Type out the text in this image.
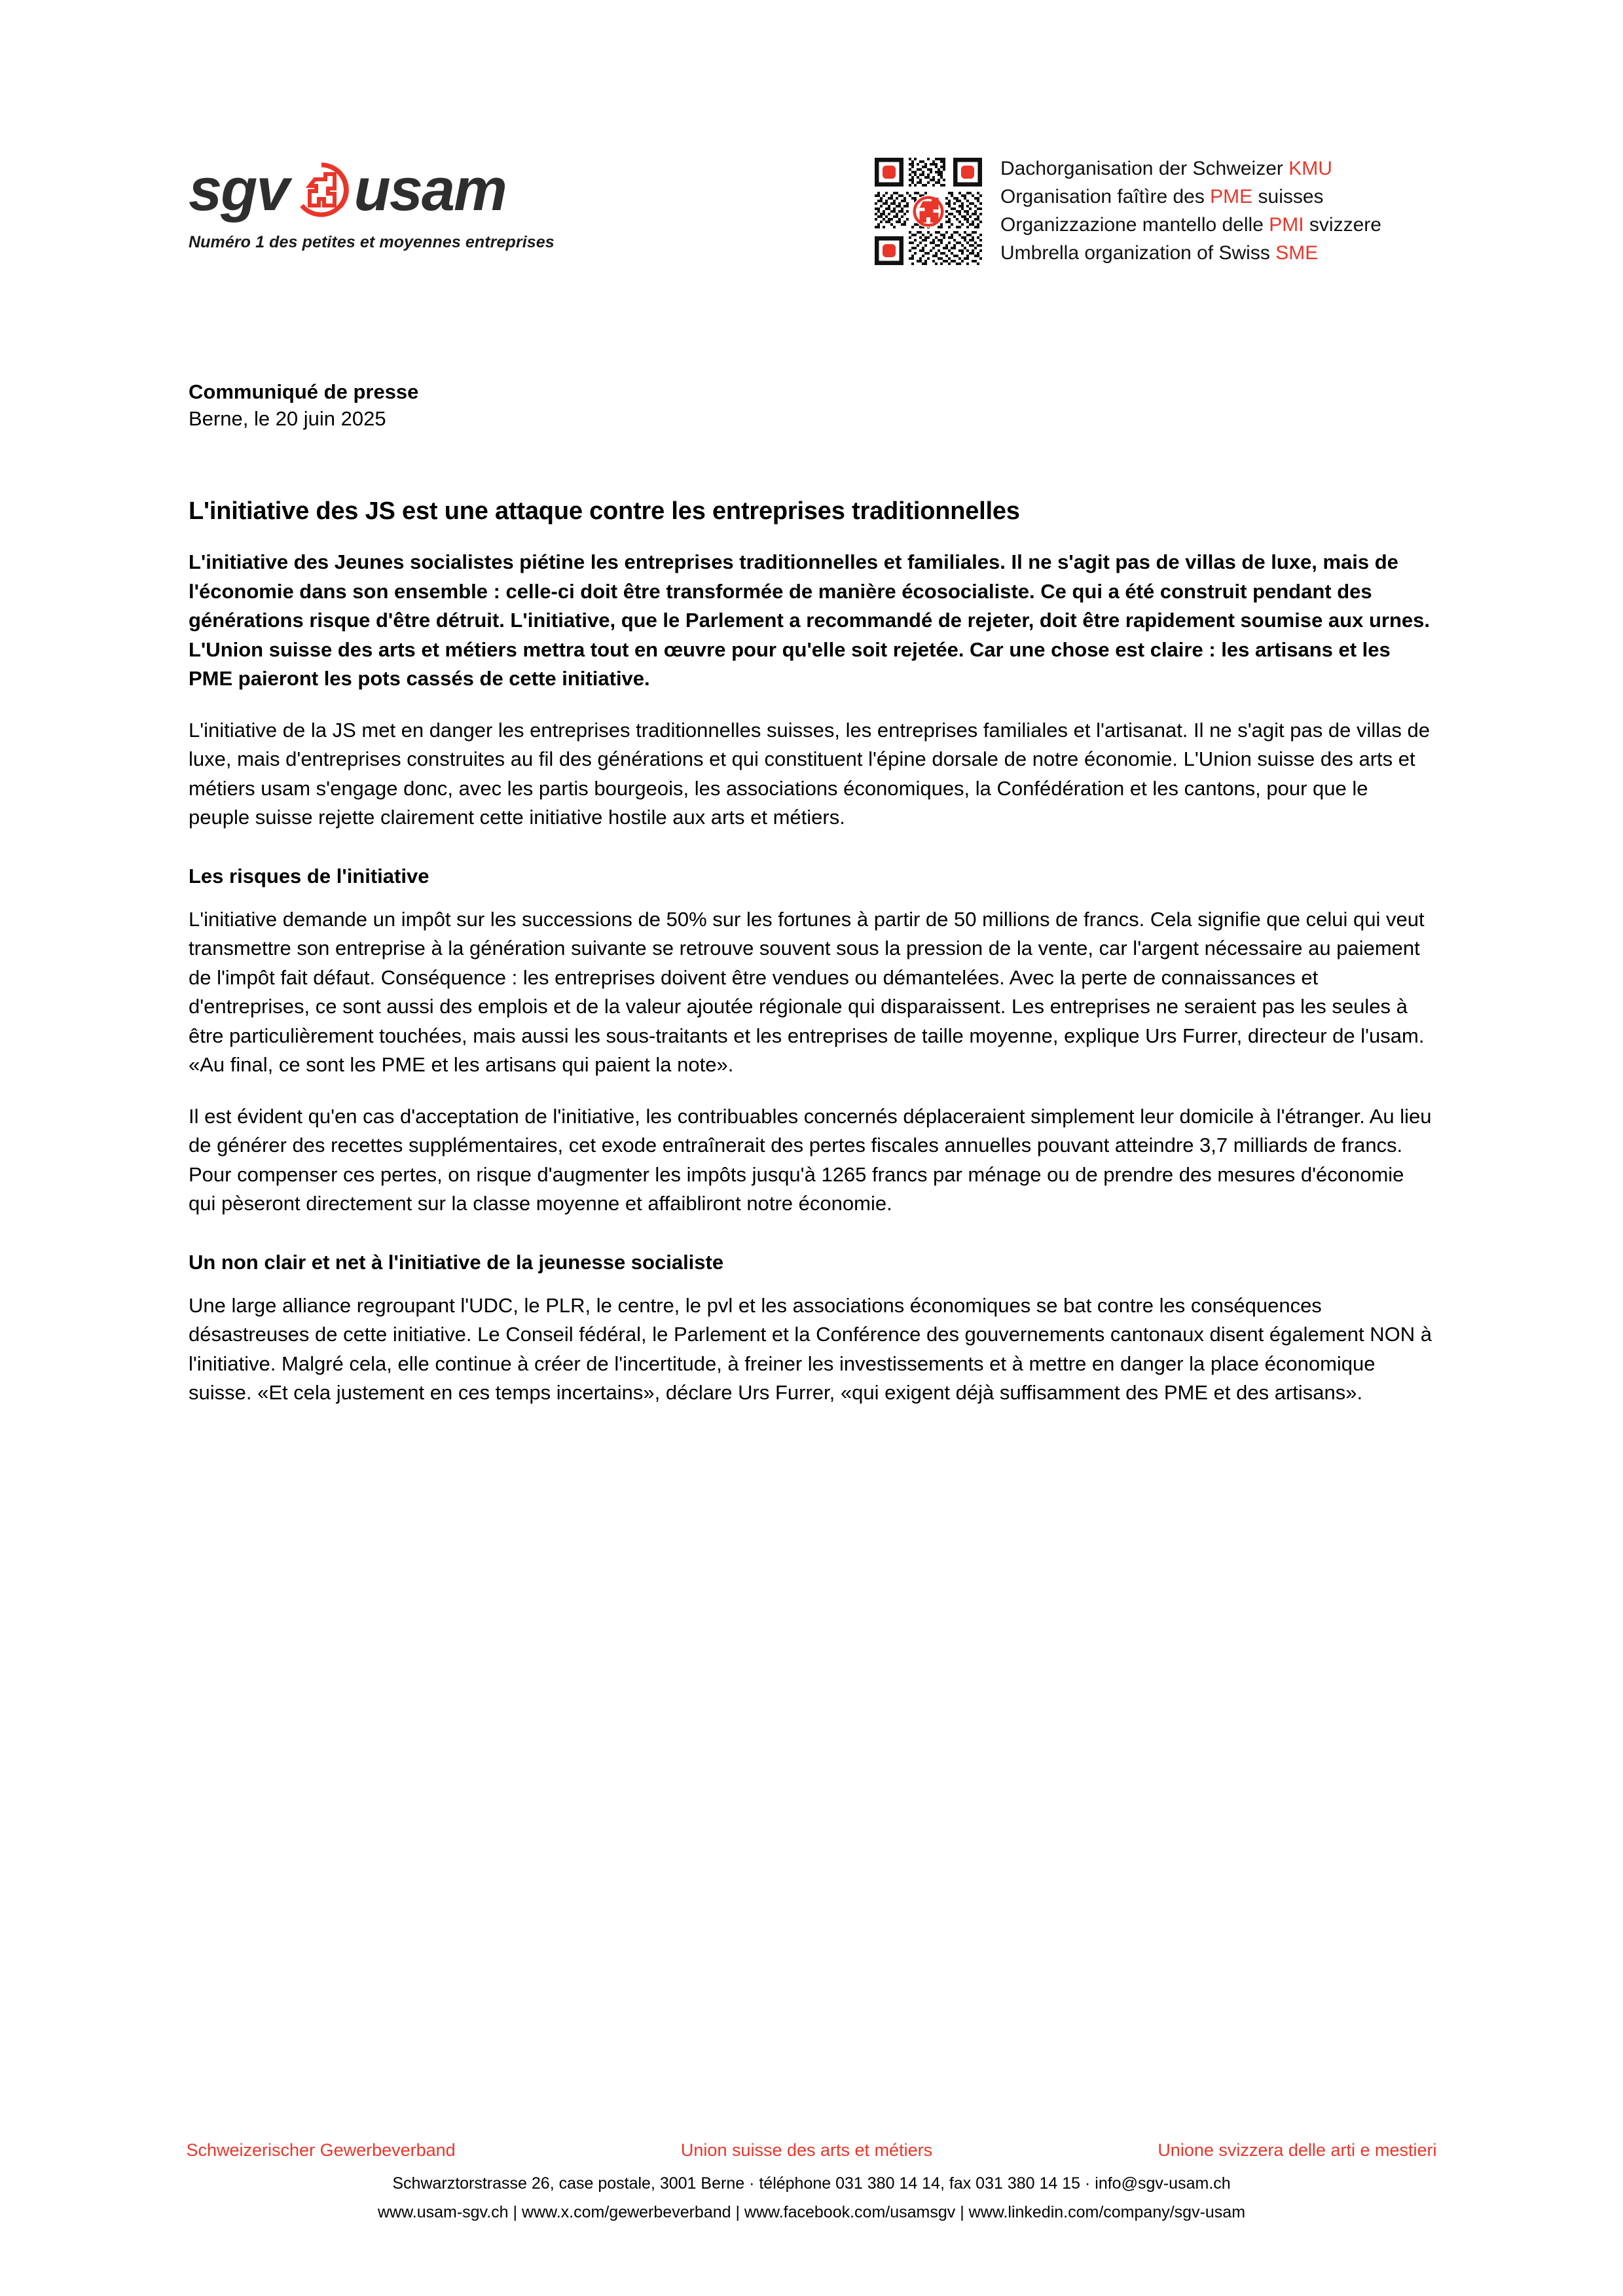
sgv usam
Numéro 1 des petites et moyennes entreprises
Dachorganisation der Schweizer KMU
Organisation faîtìre des PME suisses
Organizzazione mantello delle PMI svizzere
Umbrella organization of Swiss SME

Communiqué de presse

Berne, le 20 juin 2025

L'initiative des JS est une attaque contre les entreprises traditionnelles

L'initiative des Jeunes socialistes piétine les entreprises traditionnelles et familiales. Il ne s'agit pas de villas de luxe, mais de l'économie dans son ensemble : celle-ci doit être transformée de manière écosocialiste. Ce qui a été construit pendant des générations risque d'être détruit. L'initiative, que le Parlement a recommandé de rejeter, doit être rapidement soumise aux urnes. L'Union suisse des arts et métiers mettra tout en œuvre pour qu'elle soit rejetée. Car une chose est claire : les artisans et les PME paieront les pots cassés de cette initiative.

L'initiative de la JS met en danger les entreprises traditionnelles suisses, les entreprises familiales et l'artisanat. Il ne s'agit pas de villas de luxe, mais d'entreprises construites au fil des générations et qui constituent l'épine dorsale de notre économie. L'Union suisse des arts et métiers usam s'engage donc, avec les partis bourgeois, les associations économiques, la Confédération et les cantons, pour que le peuple suisse rejette clairement cette initiative hostile aux arts et métiers.

Les risques de l'initiative

L'initiative demande un impôt sur les successions de 50% sur les fortunes à partir de 50 millions de francs. Cela signifie que celui qui veut transmettre son entreprise à la génération suivante se retrouve souvent sous la pression de la vente, car l'argent nécessaire au paiement de l'impôt fait défaut. Conséquence : les entreprises doivent être vendues ou démantelées. Avec la perte de connaissances et d'entreprises, ce sont aussi des emplois et de la valeur ajoutée régionale qui disparaissent. Les entreprises ne seraient pas les seules à être particulièrement touchées, mais aussi les sous-traitants et les entreprises de taille moyenne, explique Urs Furrer, directeur de l'usam. «Au final, ce sont les PME et les artisans qui paient la note».

Il est évident qu'en cas d'acceptation de l'initiative, les contribuables concernés déplaceraient simplement leur domicile à l'étranger. Au lieu de générer des recettes supplémentaires, cet exode entraînerait des pertes fiscales annuelles pouvant atteindre 3,7 milliards de francs. Pour compenser ces pertes, on risque d'augmenter les impôts jusqu'à 1265 francs par ménage ou de prendre des mesures d'économie qui pèseront directement sur la classe moyenne et affaibliront notre économie.

Un non clair et net à l'initiative de la jeunesse socialiste

Une large alliance regroupant l'UDC, le PLR, le centre, le pvl et les associations économiques se bat contre les conséquences désastreuses de cette initiative. Le Conseil fédéral, le Parlement et la Conférence des gouvernements cantonaux disent également NON à l'initiative. Malgré cela, elle continue à créer de l'incertitude, à freiner les investissements et à mettre en danger la place économique suisse. «Et cela justement en ces temps incertains», déclare Urs Furrer, «qui exigent déjà suffisamment des PME et des artisans».

Schweizerischer Gewerbeverband	Union suisse des arts et métiers	Unione svizzera delle arti e mestieri
Schwarztorstrasse 26, case postale, 3001 Berne · téléphone 031 380 14 14, fax 031 380 14 15 · info@sgv-usam.ch
www.usam-sgv.ch | www.x.com/gewerbeverband | www.facebook.com/usamsgv | www.linkedin.com/company/sgv-usam
